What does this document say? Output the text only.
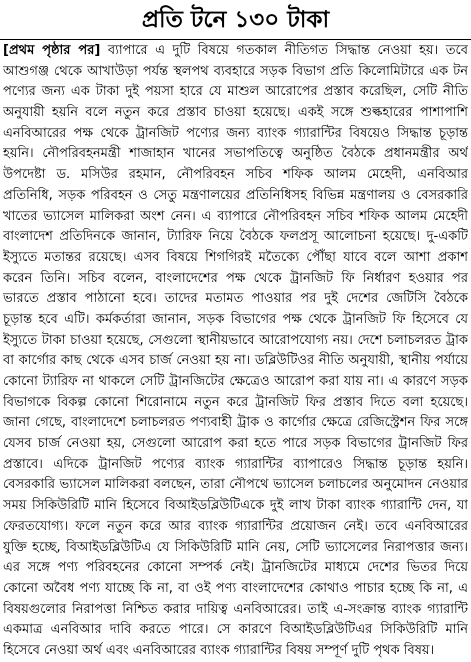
প্রতি টনে ১৩০ টাকা
[প্রথম পৃষ্ঠার পর] ব্যাপারে এ দুটি বিষয়ে গতকাল নীতিগত সিদ্ধান্ত নেওয়া হয়। তবে
আশুগঞ্জ থেকে আখাউড়া পর্যন্ত স্থলপথ ব্যবহারে সড়ক বিভাগ প্রতি কিলোমিটারে এক টন
পণ্যের জন্য এক টাকা দুই পয়সা হারে যে মাশুল আরোপের প্রস্তাব করেছিল, সেটি নীতি
অনুযায়ী হয়নি বলে নতুন করে প্রস্তাব চাওয়া হয়েছে। একই সঙ্গে শুল্কহারের পাশাপাশি
এনবিআরের পক্ষ থেকে ট্রানজিট পণ্যের জন্য ব্যাংক গ্যারান্টির বিষয়েও সিদ্ধান্ত চূড়ান্ত
হয়নি। নৌপরিবহনমন্ত্রী শাজাহান খানের সভাপতিত্বে অনুষ্ঠিত বৈঠকে প্রধানমন্ত্রীর অর্থ
উপদেষ্টা ড. মসিউর রহমান, নৌপরিবহন সচিব শফিক আলম মেহেদী, এনবিআর
প্রতিনিধি, সড়ক পরিবহন ও সেতু মন্ত্রণালয়ের প্রতিনিধিসহ বিভিন্ন মন্ত্রণালয় ও বেসরকারি
খাতের ভ্যাসেল মালিকরা অংশ নেন। এ ব্যাপারে নৌপরিবহন সচিব শফিক আলম মেহেদী
বাংলাদেশ প্রতিদিনকে জানান, ট্যারিফ নিয়ে বৈঠকে ফলপ্রসূ আলোচনা হয়েছে। দু-একটি
ইস্যুতে মতান্তর রয়েছে। এসব বিষয়ে শিগগিরই মতৈক্যে পৌঁছা যাবে বলে আশা প্রকাশ
করেন তিনি। সচিব বলেন, বাংলাদেশের পক্ষ থেকে ট্রানজিট ফি নির্ধারণ হওয়ার পর
ভারতে প্রস্তাব পাঠানো হবে। তাদের মতামত পাওয়ার পর দুই দেশের জেটিসি বৈঠকে
চূড়ান্ত হবে এটি। কর্মকর্তারা জানান, সড়ক বিভাগের পক্ষ থেকে ট্রানজিট ফি হিসেবে যে
ইস্যুতে টাকা চাওয়া হয়েছে, সেগুলো স্থানীয়ভাবে আরোপযোগ্য নয়। দেশে চলাচলরত ট্রাক
বা কার্গোর কাছ থেকে এসব চার্জ নেওয়া হয় না। ডব্লিউটিওর নীতি অনুযায়ী, স্থানীয় পর্যায়ে
কোনো ট্যারিফ না থাকলে সেটি ট্রানজিটের ক্ষেত্রেও আরোপ করা যায় না। এ কারণে সড়ক
বিভাগকে বিকল্প কোনো শিরোনামে নতুন করে ট্রানজিট ফির প্রস্তাব দিতে বলা হয়েছে।
জানা গেছে, বাংলাদেশে চলাচলরত পণ্যবাহী ট্রাক ও কার্গোর ক্ষেত্রে রেজিস্ট্রেশন ফির সঙ্গে
যেসব চার্জ নেওয়া হয়, সেগুলো আরোপ করা হতে পারে সড়ক বিভাগের ট্রানজিট ফির
প্রস্তাবে। এদিকে ট্রানজিট পণ্যের ব্যাংক গ্যারান্টির ব্যাপারেও সিদ্ধান্ত চূড়ান্ত হয়নি।
বেসরকারি ভ্যাসেল মালিকরা বলছেন, তারা নৌপথে ভ্যাসেল চলাচলের অনুমোদন নেওয়ার
সময় সিকিউরিটি মানি হিসেবে বিআইডব্লিউটিএকে দুই লাখ টাকা ব্যাংক গ্যারান্টি দেন, যা
ফেরতযোগ্য। ফলে নতুন করে আর ব্যাংক গ্যারান্টির প্রয়োজন নেই। তবে এনবিআরের
যুক্তি হচ্ছে, বিআইডব্লিউটিএ যে সিকিউরিটি মানি নেয়, সেটি ভ্যাসেলের নিরাপত্তার জন্য।
এর সঙ্গে পণ্য পরিবহনের কোনো সম্পর্ক নেই। ট্রানজিটের মাধ্যমে দেশের ভিতর দিয়ে
কোনো অবৈধ পণ্য যাচ্ছে কি না, বা ওই পণ্য বাংলাদেশের কোথাও পাচার হচ্ছে কি না, এ
বিষয়গুলোর নিরাপত্তা নিশ্চিত করার দায়িত্ব এনবিআরের। তাই এ-সংক্রান্ত ব্যাংক গ্যারান্টি
একমাত্র এনবিআর দাবি করতে পারে। সে কারণে বিআইডব্লিউটিএর সিকিউরিটি মানি
হিসেবে নেওয়া অর্থ এবং এনবিআরের ব্যাংক গ্যারান্টির বিষয় সম্পূর্ণ দুটি পৃথক বিষয়।
